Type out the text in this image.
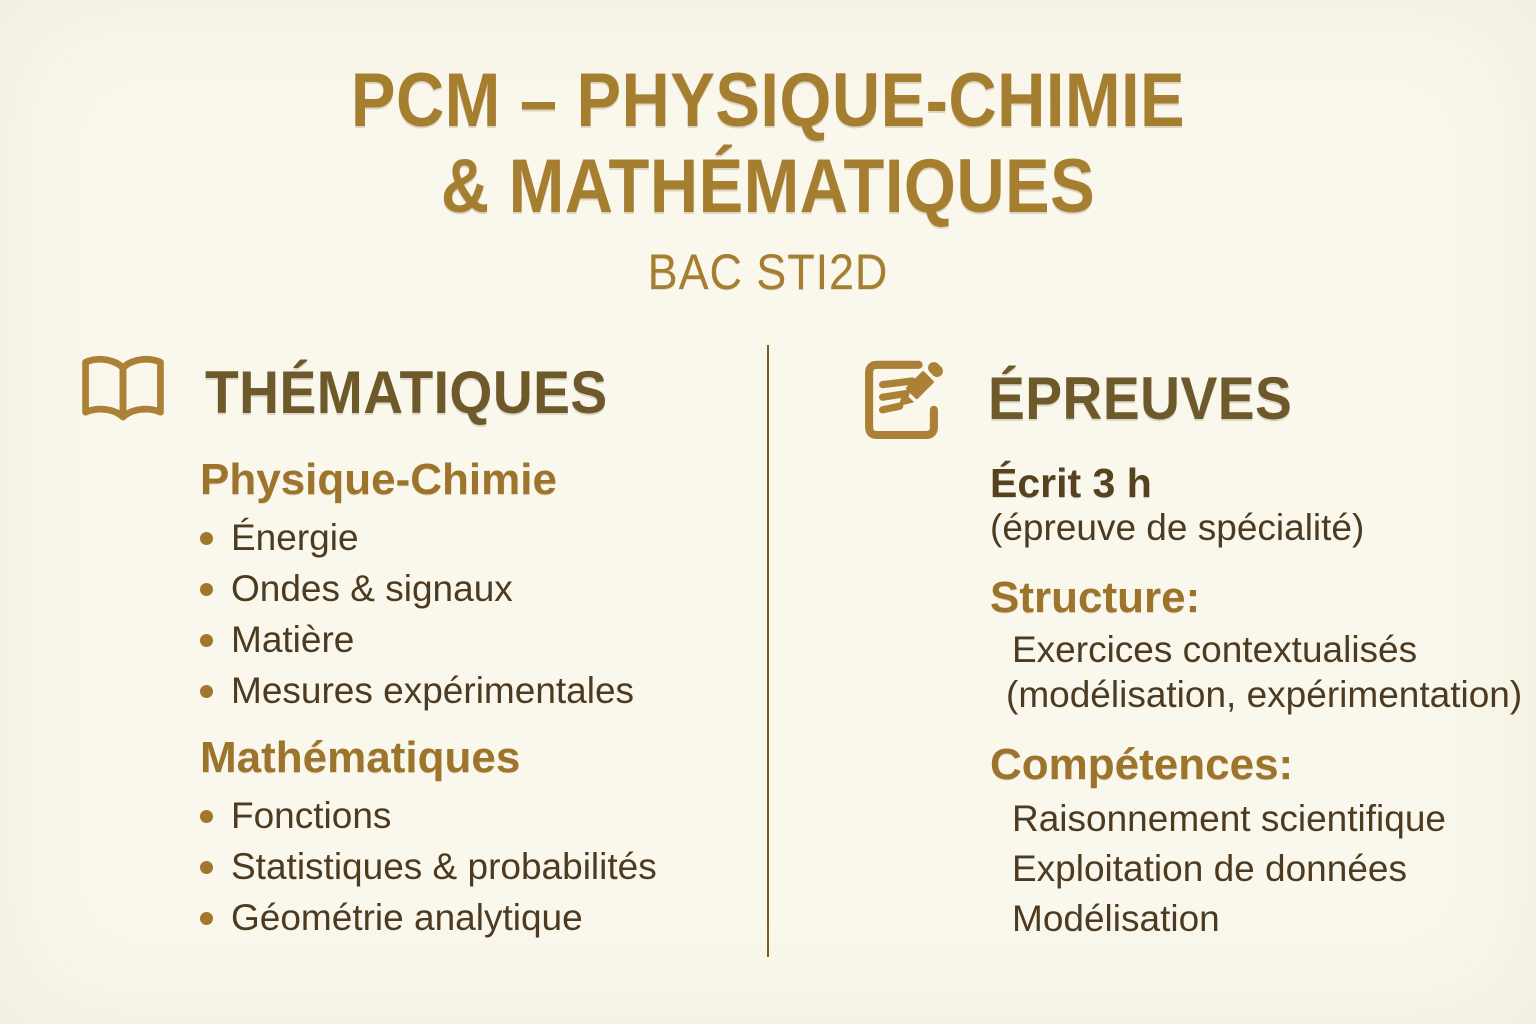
PCM – PHYSIQUE-CHIMIE
& MATHÉMATIQUES
BAC STI2D
THÉMATIQUES
Physique-Chimie
Énergie
Ondes & signaux
Matière
Mesures expérimentales
Mathématiques
Fonctions
Statistiques & probabilités
Géométrie analytique
ÉPREUVES

Écrit 3 h

(épreuve de spécialité)

Structure:

Exercices contextualisés

(modélisation, expérimentation)

Compétences:

Raisonnement scientifique

Exploitation de données

Modélisation
